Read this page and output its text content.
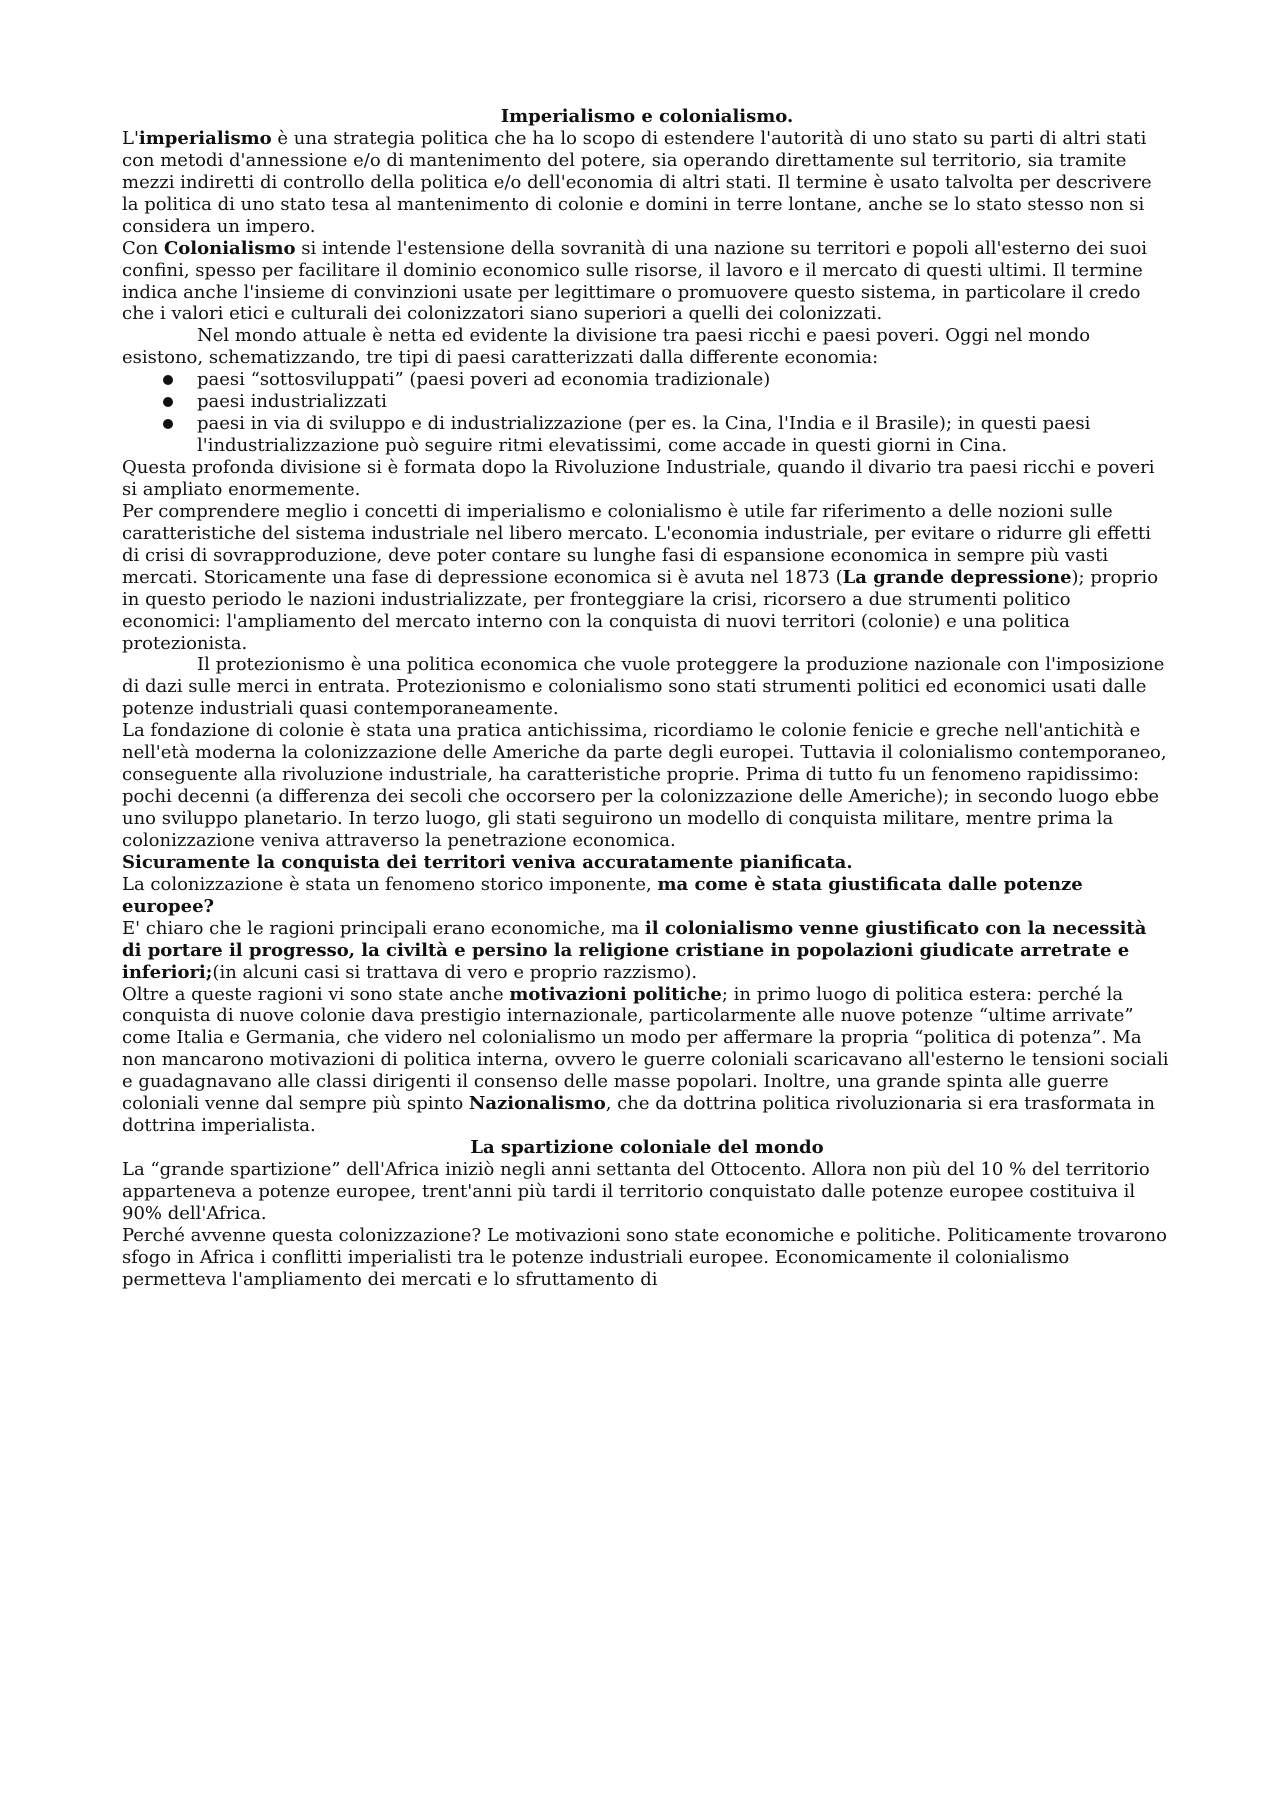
Imperialismo e colonialismo.

L'imperialismo è una strategia politica che ha lo scopo di estendere l'autorità di uno stato su parti di altri stati con metodi d'annessione e/o di mantenimento del potere, sia operando direttamente sul territorio, sia tramite mezzi indiretti di controllo della politica e/o dell'economia di altri stati. Il termine è usato talvolta per descrivere la politica di uno stato tesa al mantenimento di colonie e domini in terre lontane, anche se lo stato stesso non si considera un impero.

Con Colonialismo si intende l'estensione della sovranità di una nazione su territori e popoli all'esterno dei suoi confini, spesso per facilitare il dominio economico sulle risorse, il lavoro e il mercato di questi ultimi. Il termine indica anche l'insieme di convinzioni usate per legittimare o promuovere questo sistema, in particolare il credo che i valori etici e culturali dei colonizzatori siano superiori a quelli dei colonizzati.

Nel mondo attuale è netta ed evidente la divisione tra paesi ricchi e paesi poveri. Oggi nel mondo esistono, schematizzando, tre tipi di paesi caratterizzati dalla differente economia:

paesi “sottosviluppati” (paesi poveri ad economia tradizionale)
paesi industrializzati
paesi in via di sviluppo e di industrializzazione (per es. la Cina, l'India e il Brasile); in questi paesi l'industrializzazione può seguire ritmi elevatissimi, come accade in questi giorni in Cina.

Questa profonda divisione si è formata dopo la Rivoluzione Industriale, quando il divario tra paesi ricchi e poveri si ampliato enormemente.

Per comprendere meglio i concetti di imperialismo e colonialismo è utile far riferimento a delle nozioni sulle caratteristiche del sistema industriale nel libero mercato. L'economia industriale, per evitare o ridurre gli effetti di crisi di sovrapproduzione, deve poter contare su lunghe fasi di espansione economica in sempre più vasti mercati. Storicamente una fase di depressione economica si è avuta nel 1873 (La grande depressione); proprio in questo periodo le nazioni industrializzate, per fronteggiare la crisi, ricorsero a due strumenti politico economici: l'ampliamento del mercato interno con la conquista di nuovi territori (colonie) e una politica protezionista.

Il protezionismo è una politica economica che vuole proteggere la produzione nazionale con l'imposizione di dazi sulle merci in entrata. Protezionismo e colonialismo sono stati strumenti politici ed economici usati dalle potenze industriali quasi contemporaneamente.

La fondazione di colonie è stata una pratica antichissima, ricordiamo le colonie fenicie e greche nell'antichità e nell'età moderna la colonizzazione delle Americhe da parte degli europei. Tuttavia il colonialismo contemporaneo, conseguente alla rivoluzione industriale, ha caratteristiche proprie. Prima di tutto fu un fenomeno rapidissimo: pochi decenni (a differenza dei secoli che occorsero per la colonizzazione delle Americhe); in secondo luogo ebbe uno sviluppo planetario. In terzo luogo, gli stati seguirono un modello di conquista militare, mentre prima la colonizzazione veniva attraverso la penetrazione economica.

Sicuramente la conquista dei territori veniva accuratamente pianificata.

La colonizzazione è stata un fenomeno storico imponente, ma come è stata giustificata dalle potenze europee?

E' chiaro che le ragioni principali erano economiche, ma il colonialismo venne giustificato con la necessità di portare il progresso, la civiltà e persino la religione cristiane in popolazioni giudicate arretrate e inferiori;(in alcuni casi si trattava di vero e proprio razzismo).

Oltre a queste ragioni vi sono state anche motivazioni politiche; in primo luogo di politica estera: perché la conquista di nuove colonie dava prestigio internazionale, particolarmente alle nuove potenze “ultime arrivate” come Italia e Germania, che videro nel colonialismo un modo per affermare la propria “politica di potenza”. Ma non mancarono motivazioni di politica interna, ovvero le guerre coloniali scaricavano all'esterno le tensioni sociali e guadagnavano alle classi dirigenti il consenso delle masse popolari. Inoltre, una grande spinta alle guerre coloniali venne dal sempre più spinto Nazionalismo, che da dottrina politica rivoluzionaria si era trasformata in dottrina imperialista.

La spartizione coloniale del mondo

La “grande spartizione” dell'Africa iniziò negli anni settanta del Ottocento. Allora non più del 10 % del territorio apparteneva a potenze europee, trent'anni più tardi il territorio conquistato dalle potenze europee costituiva il 90% dell'Africa.

Perché avvenne questa colonizzazione? Le motivazioni sono state economiche e politiche. Politicamente trovarono sfogo in Africa i conflitti imperialisti tra le potenze industriali europee. Economicamente il colonialismo permetteva l'ampliamento dei mercati e lo sfruttamento di
